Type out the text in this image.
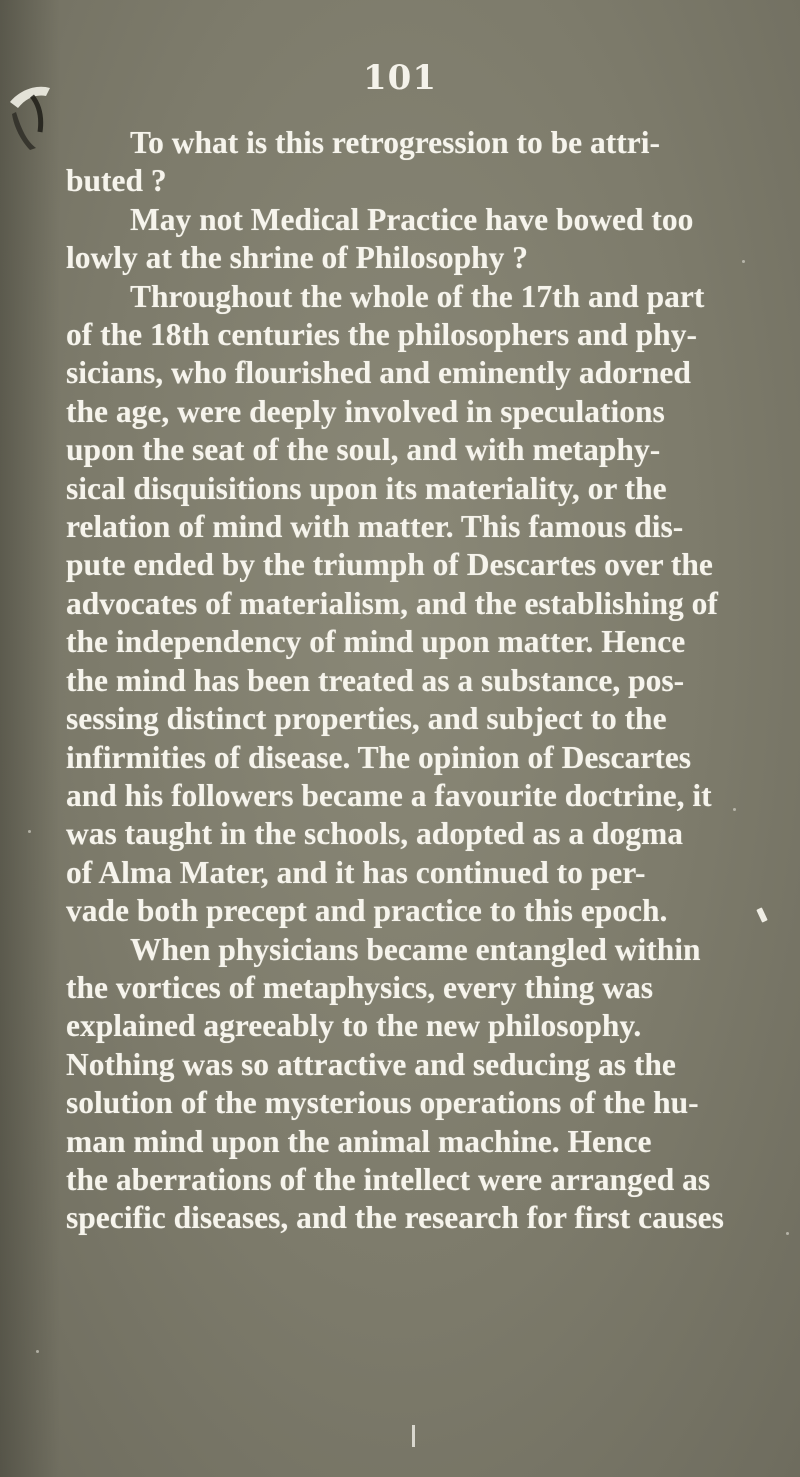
101
To what is this retrogression to be attri-
buted ?
May not Medical Practice have bowed too
lowly at the shrine of Philosophy ?
Throughout the whole of the 17th and part
of the 18th centuries the philosophers and phy-
sicians, who flourished and eminently adorned
the age, were deeply involved in speculations
upon the seat of the soul, and with metaphy-
sical disquisitions upon its materiality, or the
relation of mind with matter. This famous dis-
pute ended by the triumph of Descartes over the
advocates of materialism, and the establishing of
the independency of mind upon matter. Hence
the mind has been treated as a substance, pos-
sessing distinct properties, and subject to the
infirmities of disease. The opinion of Descartes
and his followers became a favourite doctrine, it
was taught in the schools, adopted as a dogma
of Alma Mater, and it has continued to per-
vade both precept and practice to this epoch.
When physicians became entangled within
the vortices of metaphysics, every thing was
explained agreeably to the new philosophy.
Nothing was so attractive and seducing as the
solution of the mysterious operations of the hu-
man mind upon the animal machine. Hence
the aberrations of the intellect were arranged as
specific diseases, and the research for first causes
